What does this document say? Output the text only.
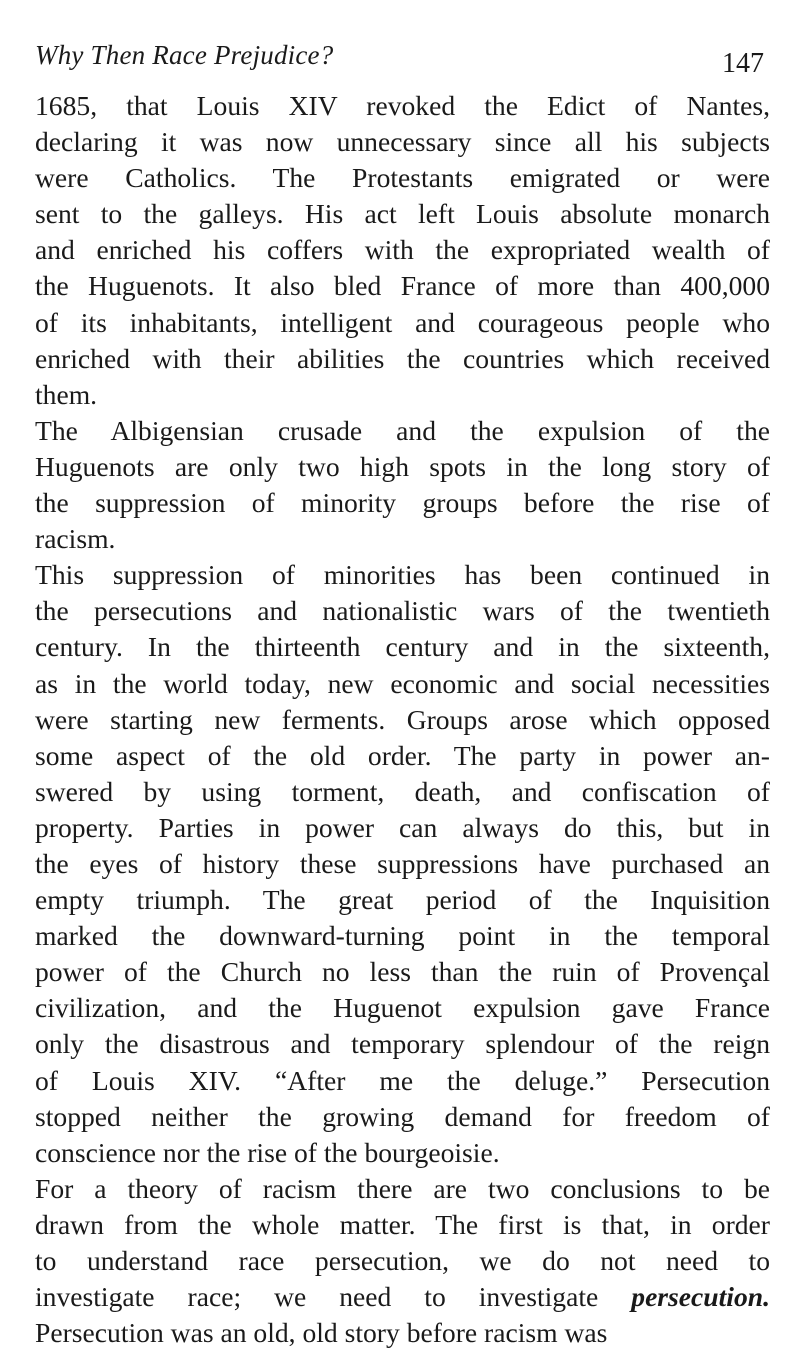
Why Then Race Prejudice?	147

1685, that Louis XIV revoked the Edict of Nantes,
declaring it was now unnecessary since all his subjects
were Catholics. The Protestants emigrated or were
sent to the galleys. His act left Louis absolute monarch
and enriched his coffers with the expropriated wealth of
the Huguenots. It also bled France of more than 400,000
of its inhabitants, intelligent and courageous people who
enriched with their abilities the countries which received
them.

The Albigensian crusade and the expulsion of the
Huguenots are only two high spots in the long story of
the suppression of minority groups before the rise of
racism.

This suppression of minorities has been continued in
the persecutions and nationalistic wars of the twentieth
century. In the thirteenth century and in the sixteenth,
as in the world today, new economic and social necessities
were starting new ferments. Groups arose which opposed
some aspect of the old order. The party in power an-
swered by using torment, death, and confiscation of
property. Parties in power can always do this, but in
the eyes of history these suppressions have purchased an
empty triumph. The great period of the Inquisition
marked the downward-turning point in the temporal
power of the Church no less than the ruin of Provençal
civilization, and the Huguenot expulsion gave France
only the disastrous and temporary splendour of the reign
of Louis XIV. “After me the deluge.” Persecution
stopped neither the growing demand for freedom of
conscience nor the rise of the bourgeoisie.

For a theory of racism there are two conclusions to be
drawn from the whole matter. The first is that, in order
to understand race persecution, we do not need to
investigate race; we need to investigate persecution.
Persecution was an old, old story before racism was
